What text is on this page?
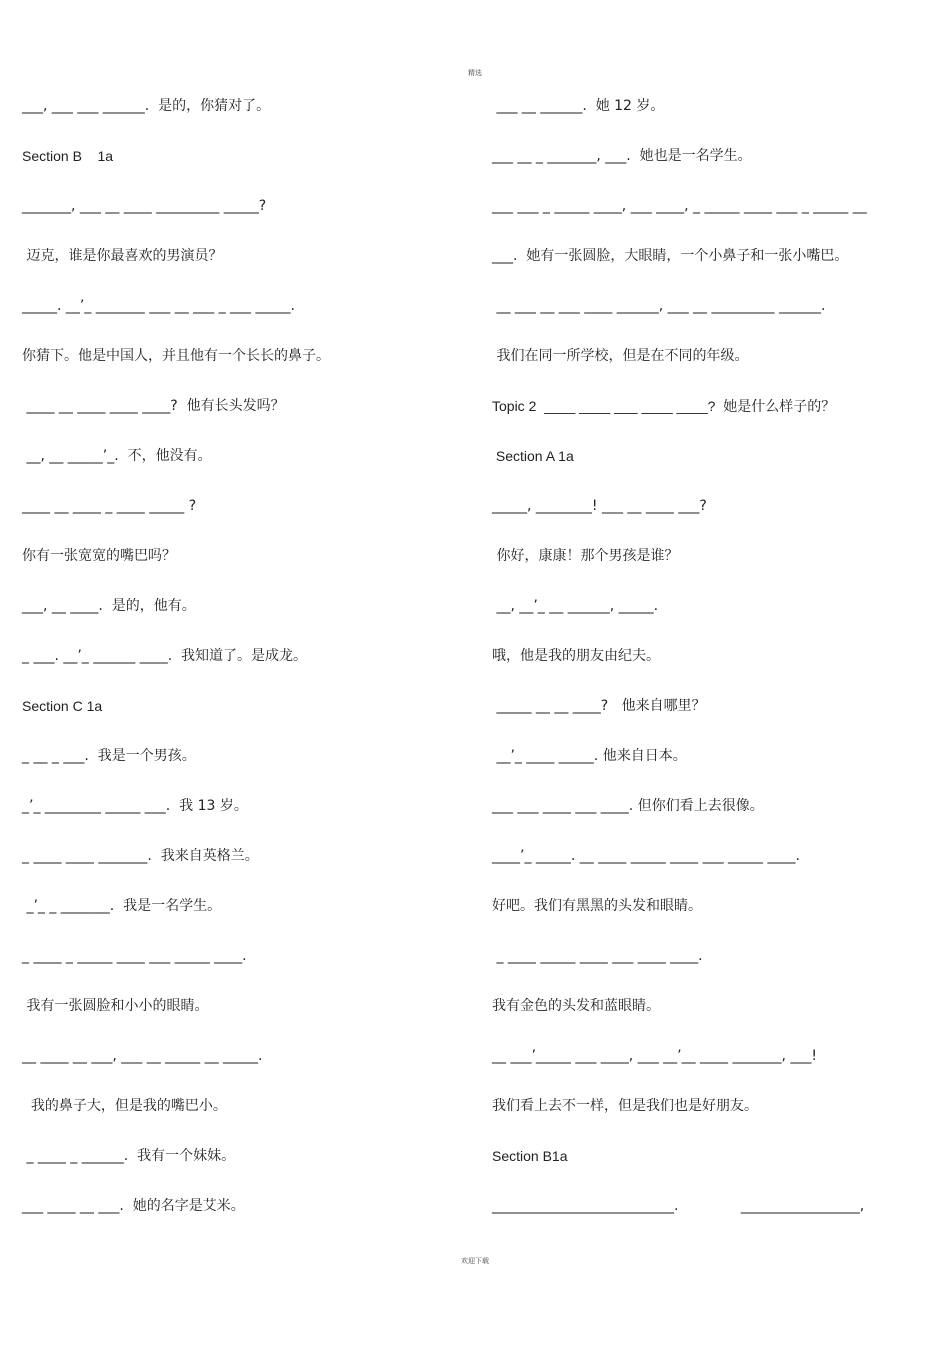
精选
___, ___ ___ ______.  是的，你猜对了。
Section B    1a
_______, ___ __ ____ _________ _____?
迈克，谁是你最喜欢的男演员？
_____. __’_ _______ ___ __ ___ _ ___ _____.
你猜下。他是中国人，并且他有一个长长的鼻子。
____ __ ____ ____ ____?  他有长头发吗？
__, __ _____’_.  不，他没有。
____ __ ____ _ ____ _____ ?
你有一张宽宽的嘴巴吗？
___, __ ____.  是的，他有。
_ ___. __’_ ______ ____.  我知道了。是成龙。
Section C 1a
_ __ _ ___.  我是一个男孩。
_’_ ________ _____ ___.  我 13 岁。
_ ____ ____ _______.  我来自英格兰。
_’_ _ _______.  我是一名学生。
_ ____ _ _____ ____ ___ _____ ____.
我有一张圆脸和小小的眼睛。
__ ____ __ ___, ___ __ _____ __ _____.
我的鼻子大，但是我的嘴巴小。
_ ____ _ ______.  我有一个妹妹。
___ ____ __ ___.  她的名字是艾米。
___ __ ______.  她 12 岁。
___ __ _ _______, ___.  她也是一名学生。
___ ___ _ _____ ____, ___ ____, _ _____ ____ ___ _ _____ __
___.  她有一张圆脸，大眼睛，一个小鼻子和一张小嘴巴。
__ ___ __ ___ ____ ______, ___ __ _________ ______.
我们在同一所学校，但是在不同的年级。
Topic 2  ____ ____ ___ ____ ____?  她是什么样子的？
Section A 1a
_____, ________! ___ __ ____ ___?
你好，康康！那个男孩是谁？
__, __’_ __ ______, _____.
哦，他是我的朋友由纪夫。
_____ __ __ ____?   他来自哪里？
__’_ ____ _____. 他来自日本。
___ ___ ____ ___ ____. 但你们看上去很像。
____’_ _____. __ ____ _____ ____ ___ _____ ____.
好吧。我们有黑黑的头发和眼睛。
_ ____ _____ ____ ___ ____ ____.
我有金色的头发和蓝眼睛。
__ ___’_____ ___ ____, ___ __’__ ____ _______, ___!
我们看上去不一样，但是我们也是好朋友。
Section B1a
__________________________.              _________________,
欢迎下载
